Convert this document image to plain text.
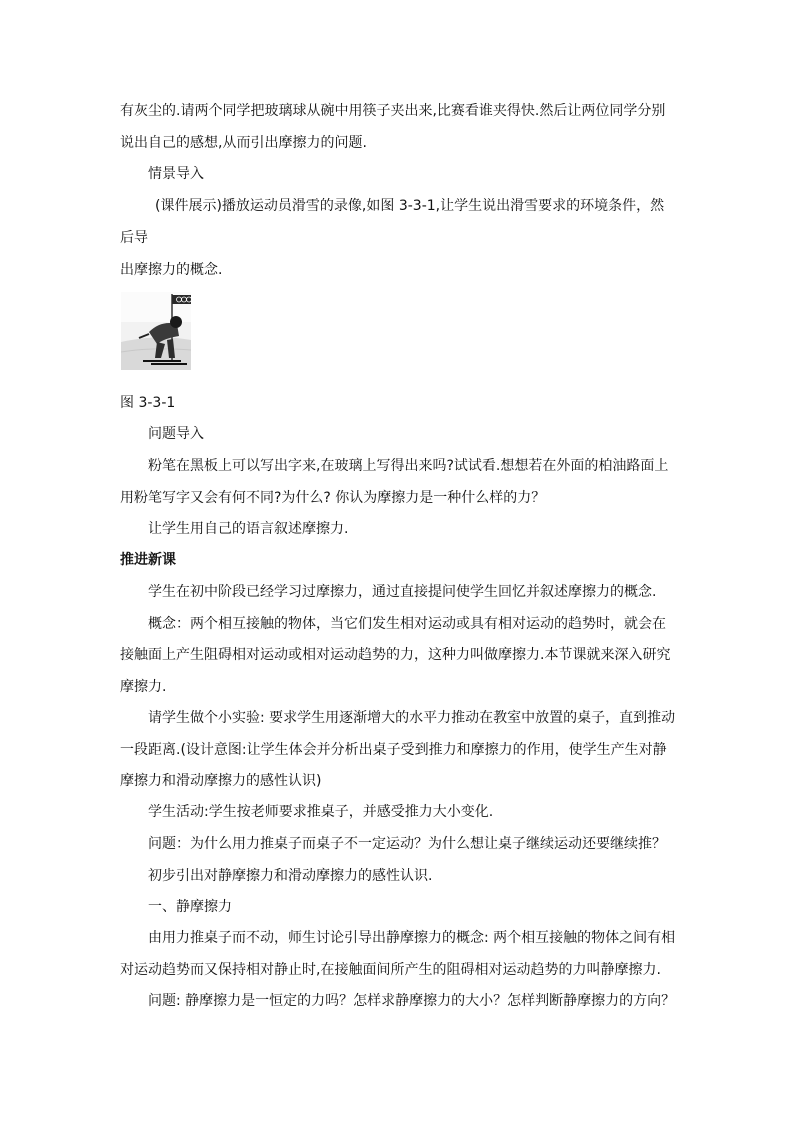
有灰尘的.请两个同学把玻璃球从碗中用筷子夹出来,比赛看谁夹得快.然后让两位同学分别
说出自己的感想,从而引出摩擦力的问题.
情景导入
(课件展示)播放运动员滑雪的录像,如图 3-3-1,让学生说出滑雪要求的环境条件，然
后导
出摩擦力的概念.
图 3-3-1
问题导入
粉笔在黑板上可以写出字来,在玻璃上写得出来吗?试试看.想想若在外面的柏油路面上
用粉笔写字又会有何不同?为什么? 你认为摩擦力是一种什么样的力？
让学生用自己的语言叙述摩擦力.
推进新课
学生在初中阶段已经学习过摩擦力，通过直接提问使学生回忆并叙述摩擦力的概念.
概念：两个相互接触的物体，当它们发生相对运动或具有相对运动的趋势时，就会在
接触面上产生阻碍相对运动或相对运动趋势的力，这种力叫做摩擦力.本节课就来深入研究
摩擦力.
请学生做个小实验: 要求学生用逐渐增大的水平力推动在教室中放置的桌子，直到推动
一段距离.(设计意图:让学生体会并分析出桌子受到推力和摩擦力的作用，使学生产生对静
摩擦力和滑动摩擦力的感性认识)
学生活动:学生按老师要求推桌子，并感受推力大小变化.
问题：为什么用力推桌子而桌子不一定运动？为什么想让桌子继续运动还要继续推？
初步引出对静摩擦力和滑动摩擦力的感性认识.
一、静摩擦力
由用力推桌子而不动，师生讨论引导出静摩擦力的概念: 两个相互接触的物体之间有相
对运动趋势而又保持相对静止时,在接触面间所产生的阻碍相对运动趋势的力叫静摩擦力.
问题: 静摩擦力是一恒定的力吗？怎样求静摩擦力的大小？怎样判断静摩擦力的方向？
